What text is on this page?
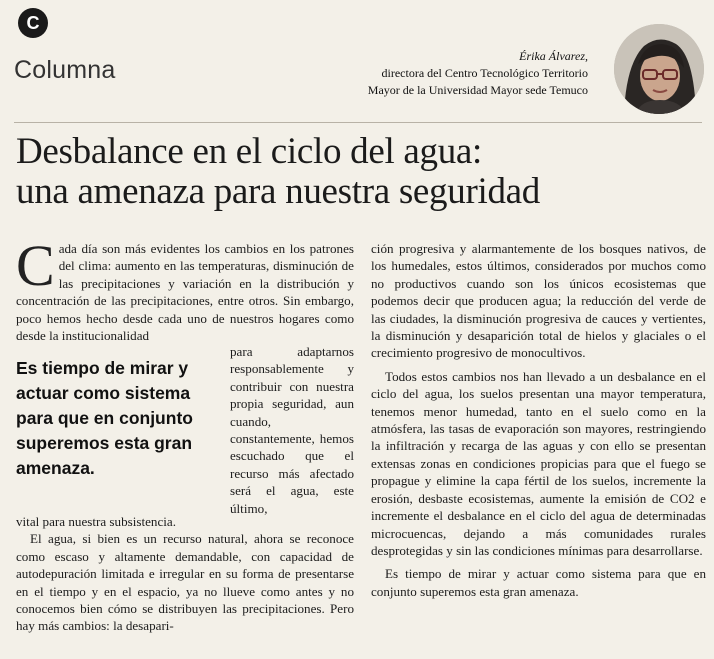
C
Columna	Érika Álvarez,
directora del Centro Tecnológico Territorio
Mayor de la Universidad Mayor sede Temuco
Desbalance en el ciclo del agua:
una amenaza para nuestra seguridad

Cada día son más evidentes los cambios en los patrones del clima: aumento en las temperaturas, disminución de las precipitaciones y variación en la distribución y concentración de las precipitaciones, entre otros. Sin embargo, poco hemos hecho desde cada uno de nuestros hogares como desde la institucionalidad

Es tiempo de mirar y actuar como sistema para que en conjunto superemos esta gran amenaza.

para adaptarnos responsablemente y contribuir con nuestra propia seguridad, aun cuando, constantemente, hemos escuchado que el recurso más afectado será el agua, este último,

vital para nuestra subsistencia.

El agua, si bien es un recurso natural, ahora se reconoce como escaso y altamente demandable, con capacidad de autodepuración limitada e irregular en su forma de presentarse en el tiempo y en el espacio, ya no llueve como antes y no conocemos bien cómo se distribuyen las precipitaciones. Pero hay más cambios: la desapari-

ción progresiva y alarmantemente de los bosques nativos, de los humedales, estos últimos, considerados por muchos como no productivos cuando son los únicos ecosistemas que podemos decir que producen agua; la reducción del verde de las ciudades, la disminución progresiva de cauces y vertientes, la disminución y desaparición total de hielos y glaciales o el crecimiento progresivo de monocultivos.

Todos estos cambios nos han llevado a un desbalance en el ciclo del agua, los suelos presentan una mayor temperatura, tenemos menor humedad, tanto en el suelo como en la atmósfera, las tasas de evaporación son mayores, restringiendo la infiltración y recarga de las aguas y con ello se presentan extensas zonas en condiciones propicias para que el fuego se propague y elimine la capa fértil de los suelos, incremente la erosión, desbaste ecosistemas, aumente la emisión de CO2 e incremente el desbalance en el ciclo del agua de determinadas microcuencas, dejando a más comunidades rurales desprotegidas y sin las condiciones mínimas para desarrollarse.

Es tiempo de mirar y actuar como sistema para que en conjunto superemos esta gran amenaza.
